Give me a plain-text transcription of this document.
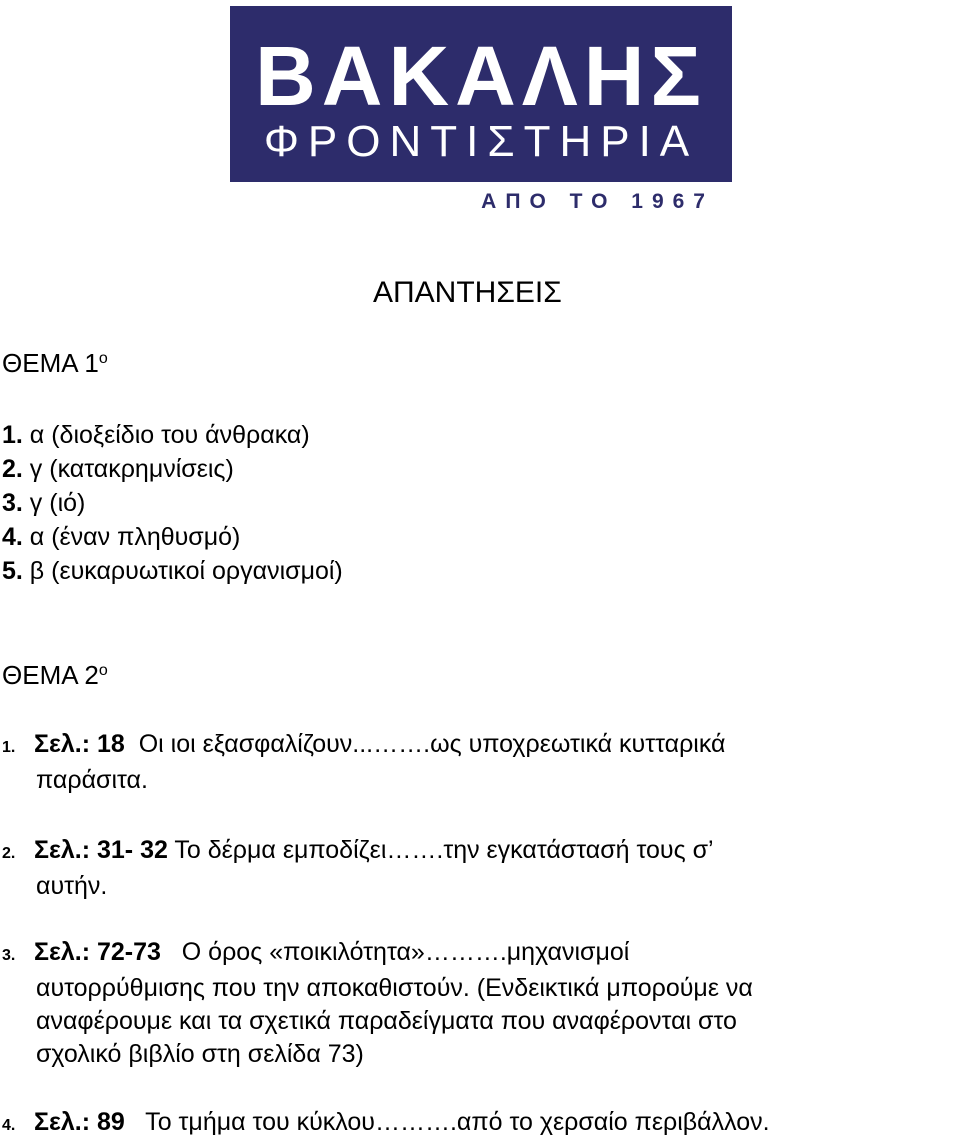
ΒΑΚΑΛΗΣ
ΦΡΟΝΤΙΣΤΗΡΙΑ
ΑΠΟ ΤΟ 1967
ΑΠΑΝΤΗΣΕΙΣ
ΘΕΜΑ $1^o$
1. α (διοξείδιο του άνθρακα)
2. γ (κατακρημνίσεις)
3. γ (ιό)
4. α (έναν πληθυσμό)
5. β (ευκαρυωτικοί οργανισμοί)
ΘΕΜΑ $2^o$
1. Σελ.: 18  Οι ιοι εξασφαλίζουν...…….ως υποχρεωτικά κυτταρικά
παράσιτα.
2. Σελ.: 31- 32 Το δέρμα εμποδίζει…….την εγκατάστασή τους σ’
αυτήν.
3. Σελ.: 72-73   Ο όρος «ποικιλότητα»……….μηχανισμοί
αυτορρύθμισης που την αποκαθιστούν. (Ενδεικτικά μπορούμε να
αναφέρουμε και τα σχετικά παραδείγματα που αναφέρονται στο
σχολικό βιβλίο στη σελίδα 73)
4. Σελ.: 89   Το τμήμα του κύκλου……….από το χερσαίο περιβάλλον.
